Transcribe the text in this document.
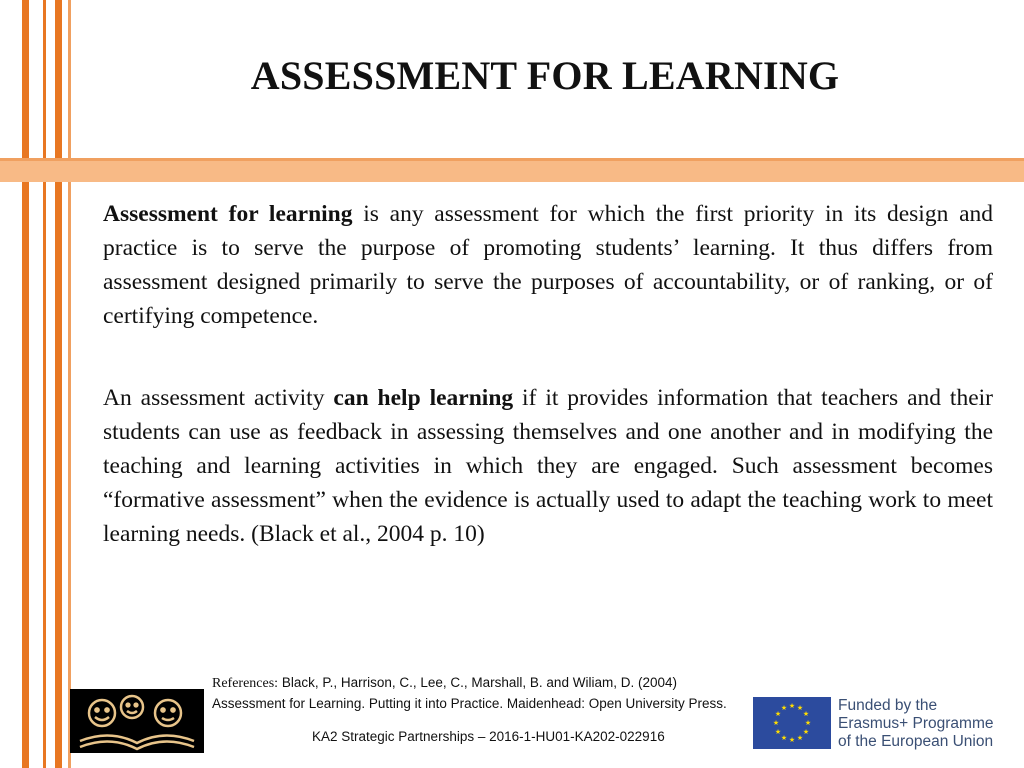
ASSESSMENT FOR LEARNING

Assessment for learning is any assessment for which the first priority in its design and practice is to serve the purpose of promoting students’ learning. It thus differs from assessment designed primarily to serve the purposes of accountability, or of ranking, or of certifying competence.

An assessment activity can help learning if it provides information that teachers and their students can use as feedback in assessing themselves and one another and in modifying the teaching and learning activities in which they are engaged. Such assessment becomes “formative assessment” when the evidence is actually used to adapt the teaching work to meet learning needs. (Black et al., 2004 p. 10)

References: Black, P., Harrison, C., Lee, C., Marshall, B. and Wiliam, D. (2004) Assessment for Learning. Putting it into Practice. Maidenhead: Open University Press.
KA2 Strategic Partnerships – 2016-1-HU01-KA202-022916
★ ★
★
★
★
★
★
★
★
★
★
★	Funded by the
Erasmus+ Programme
of the European Union
